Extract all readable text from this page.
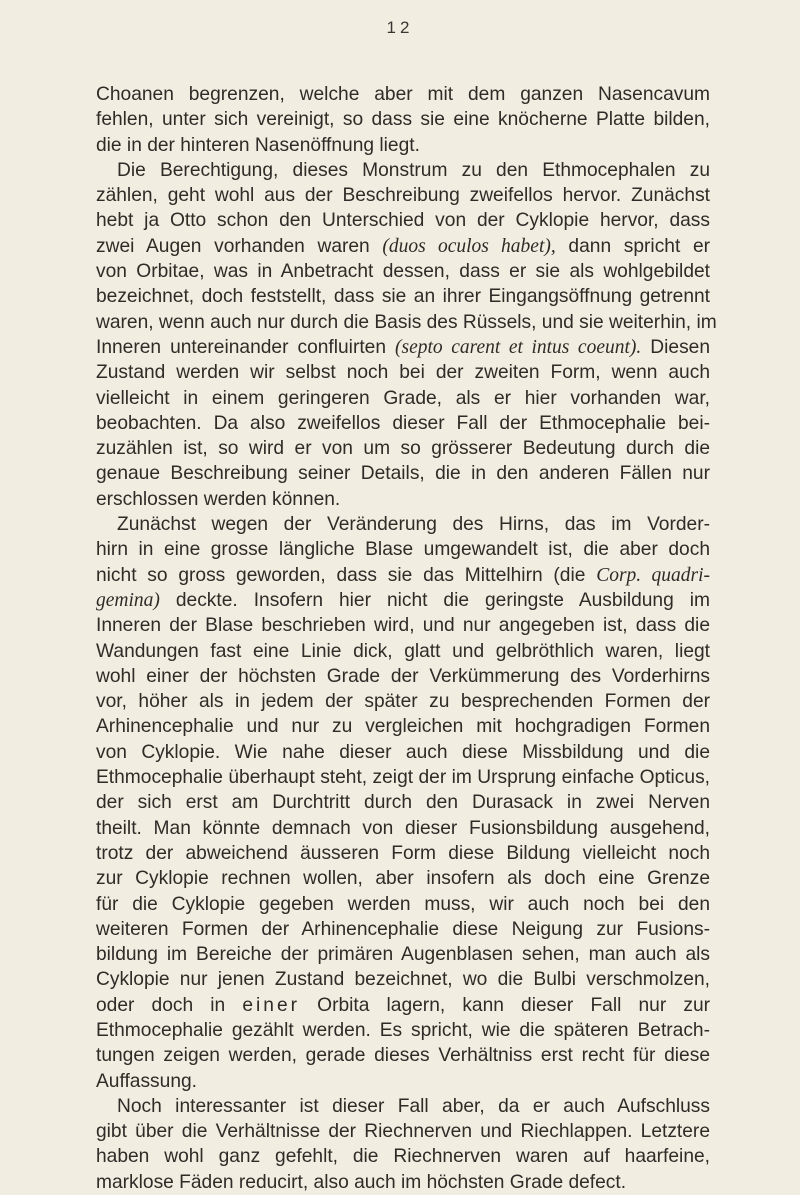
12
Choanen begrenzen, welche aber mit dem ganzen Nasencavum
fehlen, unter sich vereinigt, so dass sie eine knöcherne Platte bilden,
die in der hinteren Nasenöffnung liegt.
Die Berechtigung, dieses Monstrum zu den Ethmocephalen zu
zählen, geht wohl aus der Beschreibung zweifellos hervor. Zunächst
hebt ja Otto schon den Unterschied von der Cyklopie hervor, dass
zwei Augen vorhanden waren (duos oculos habet), dann spricht er
von Orbitae, was in Anbetracht dessen, dass er sie als wohlgebildet
bezeichnet, doch feststellt, dass sie an ihrer Eingangsöffnung getrennt
waren, wenn auch nur durch die Basis des Rüssels, und sie weiterhin, im
Inneren untereinander confluirten (septo carent et intus coeunt). Diesen
Zustand werden wir selbst noch bei der zweiten Form, wenn auch
vielleicht in einem geringeren Grade, als er hier vorhanden war,
beobachten. Da also zweifellos dieser Fall der Ethmocephalie bei-
zuzählen ist, so wird er von um so grösserer Bedeutung durch die
genaue Beschreibung seiner Details, die in den anderen Fällen nur
erschlossen werden können.
Zunächst wegen der Veränderung des Hirns, das im Vorder-
hirn in eine grosse längliche Blase umgewandelt ist, die aber doch
nicht so gross geworden, dass sie das Mittelhirn (die Corp. quadri-
gemina) deckte. Insofern hier nicht die geringste Ausbildung im
Inneren der Blase beschrieben wird, und nur angegeben ist, dass die
Wandungen fast eine Linie dick, glatt und gelbröthlich waren, liegt
wohl einer der höchsten Grade der Verkümmerung des Vorderhirns
vor, höher als in jedem der später zu besprechenden Formen der
Arhinencephalie und nur zu vergleichen mit hochgradigen Formen
von Cyklopie. Wie nahe dieser auch diese Missbildung und die
Ethmocephalie überhaupt steht, zeigt der im Ursprung einfache Opticus,
der sich erst am Durchtritt durch den Durasack in zwei Nerven
theilt. Man könnte demnach von dieser Fusionsbildung ausgehend,
trotz der abweichend äusseren Form diese Bildung vielleicht noch
zur Cyklopie rechnen wollen, aber insofern als doch eine Grenze
für die Cyklopie gegeben werden muss, wir auch noch bei den
weiteren Formen der Arhinencephalie diese Neigung zur Fusions-
bildung im Bereiche der primären Augenblasen sehen, man auch als
Cyklopie nur jenen Zustand bezeichnet, wo die Bulbi verschmolzen,
oder doch in einer Orbita lagern, kann dieser Fall nur zur
Ethmocephalie gezählt werden. Es spricht, wie die späteren Betrach-
tungen zeigen werden, gerade dieses Verhältniss erst recht für diese
Auffassung.
Noch interessanter ist dieser Fall aber, da er auch Aufschluss
gibt über die Verhältnisse der Riechnerven und Riechlappen. Letztere
haben wohl ganz gefehlt, die Riechnerven waren auf haarfeine,
marklose Fäden reducirt, also auch im höchsten Grade defect.
